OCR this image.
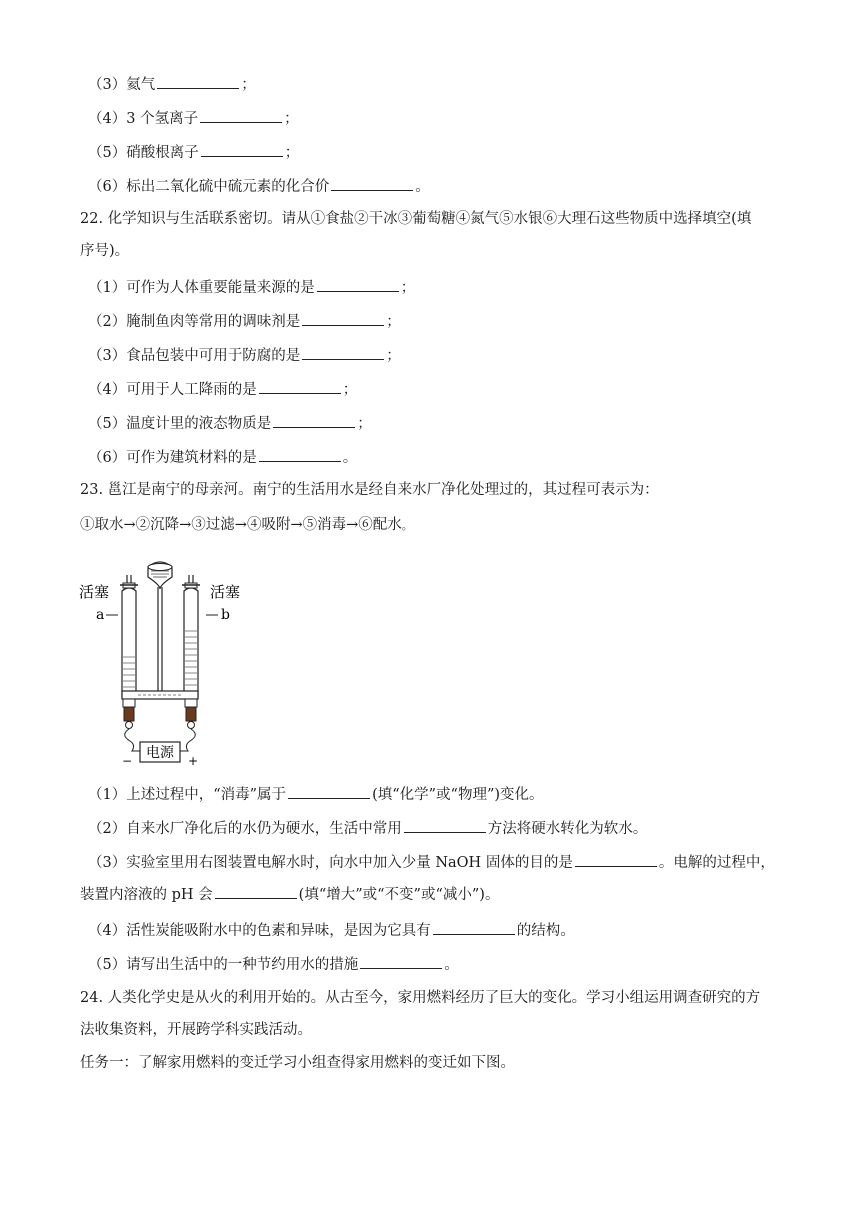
（3）氦气	；
（4）3 个氢离子	；
（5）硝酸根离子	；
（6）标出二氧化硫中硫元素的化合价	。
22. 化学知识与生活联系密切。请从①食盐②干冰③葡萄糖④氮气⑤水银⑥大理石这些物质中选择填空(填
序号)。
（1）可作为人体重要能量来源的是	；
（2）腌制鱼肉等常用的调味剂是	；
（3）食品包装中可用于防腐的是	；
（4）可用于人工降雨的是	；
（5）温度计里的液态物质是	；
（6）可作为建筑材料的是	。
23. 邕江是南宁的母亲河。南宁的生活用水是经自来水厂净化处理过的，其过程可表示为：
①取水→②沉降→③过滤→④吸附→⑤消毒→⑥配水。
活塞	活塞
a	b
电源
−	+
（1）上述过程中，“消毒”属于	(填“化学”或“物理”)变化。
（2）自来水厂净化后的水仍为硬水，生活中常用	方法将硬水转化为软水。
（3）实验室里用右图装置电解水时，向水中加入少量 NaOH 固体的目的是	。电解的过程中，
装置内溶液的 pH 会	(填“增大”或“不变”或“减小”)。
（4）活性炭能吸附水中的色素和异味，是因为它具有	的结构。
（5）请写出生活中的一种节约用水的措施	。
24. 人类化学史是从火的利用开始的。从古至今，家用燃料经历了巨大的变化。学习小组运用调查研究的方
法收集资料，开展跨学科实践活动。
任务一：了解家用燃料的变迁学习小组查得家用燃料的变迁如下图。
